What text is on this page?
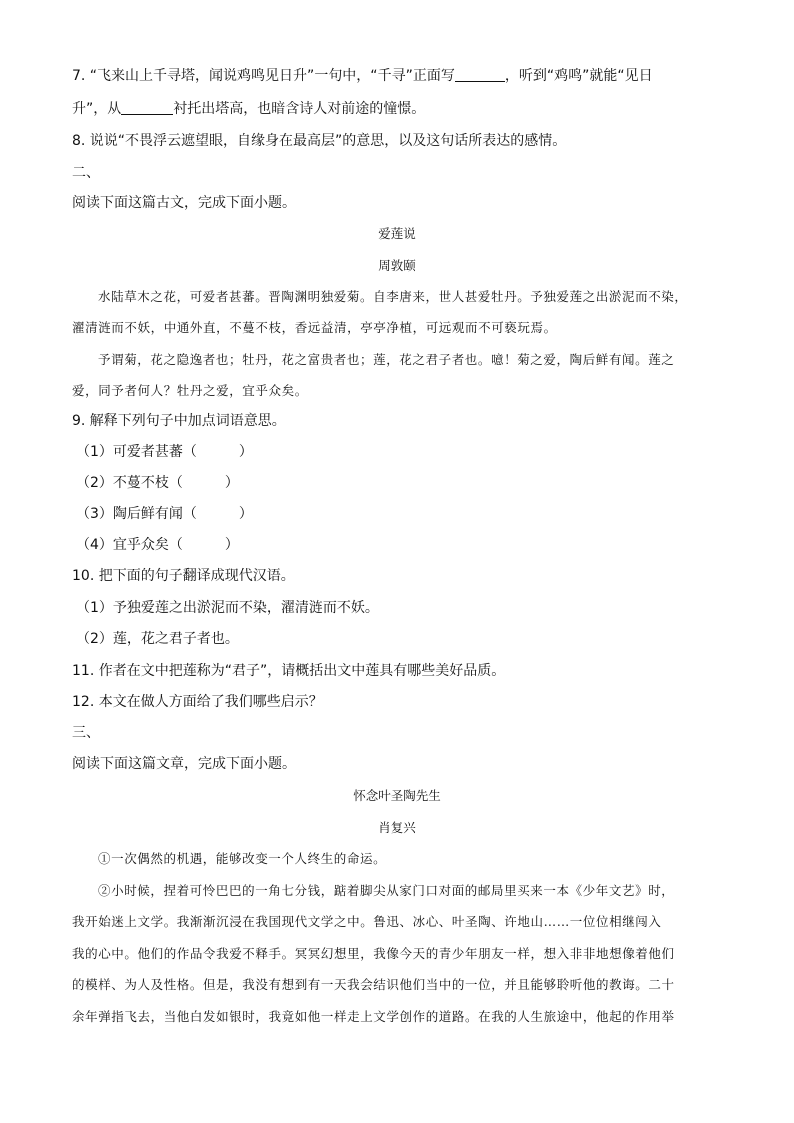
7. “飞来山上千寻塔，闻说鸡鸣见日升”一句中，“千寻”正面写	，听到“鸡鸣”就能“见日
升”，从	衬托出塔高，也暗含诗人对前途的憧憬。
8. 说说“不畏浮云遮望眼，自缘身在最高层”的意思，以及这句话所表达的感情。
二、
阅读下面这篇古文，完成下面小题。
爱莲说
周敦颐
水陆草木之花，可爱者甚蕃。晋陶渊明独爱菊。自李唐来，世人甚爱牡丹。予独爱莲之出淤泥而不染，
濯清涟而不妖，中通外直，不蔓不枝，香远益清，亭亭净植，可远观而不可亵玩焉。
予谓菊，花之隐逸者也；牡丹，花之富贵者也；莲，花之君子者也。噫！菊之爱，陶后鲜有闻。莲之
爱，同予者何人？牡丹之爱，宜乎众矣。
9. 解释下列句子中加点词语意思。
（1）可爱者甚蕃（　　　）
（2）不蔓不枝（　　　）
（3）陶后鲜有闻（　　　）
（4）宜乎众矣（　　　）
10. 把下面的句子翻译成现代汉语。
（1）予独爱莲之出淤泥而不染，濯清涟而不妖。
（2）莲，花之君子者也。
11. 作者在文中把莲称为“君子”，请概括出文中莲具有哪些美好品质。
12. 本文在做人方面给了我们哪些启示？
三、
阅读下面这篇文章，完成下面小题。
怀念叶圣陶先生
肖复兴
①一次偶然的机遇，能够改变一个人终生的命运。
②小时候，捏着可怜巴巴的一角七分钱，踮着脚尖从家门口对面的邮局里买来一本《少年文艺》时，
我开始迷上文学。我渐渐沉浸在我国现代文学之中。鲁迅、冰心、叶圣陶、许地山……一位位相继闯入
我的心中。他们的作品令我爱不释手。冥冥幻想里，我像今天的青少年朋友一样，想入非非地想像着他们
的模样、为人及性格。但是，我没有想到有一天我会结识他们当中的一位，并且能够聆听他的教诲。二十
余年弹指飞去，当他白发如银时，我竟如他一样走上文学创作的道路。在我的人生旅途中，他起的作用举
